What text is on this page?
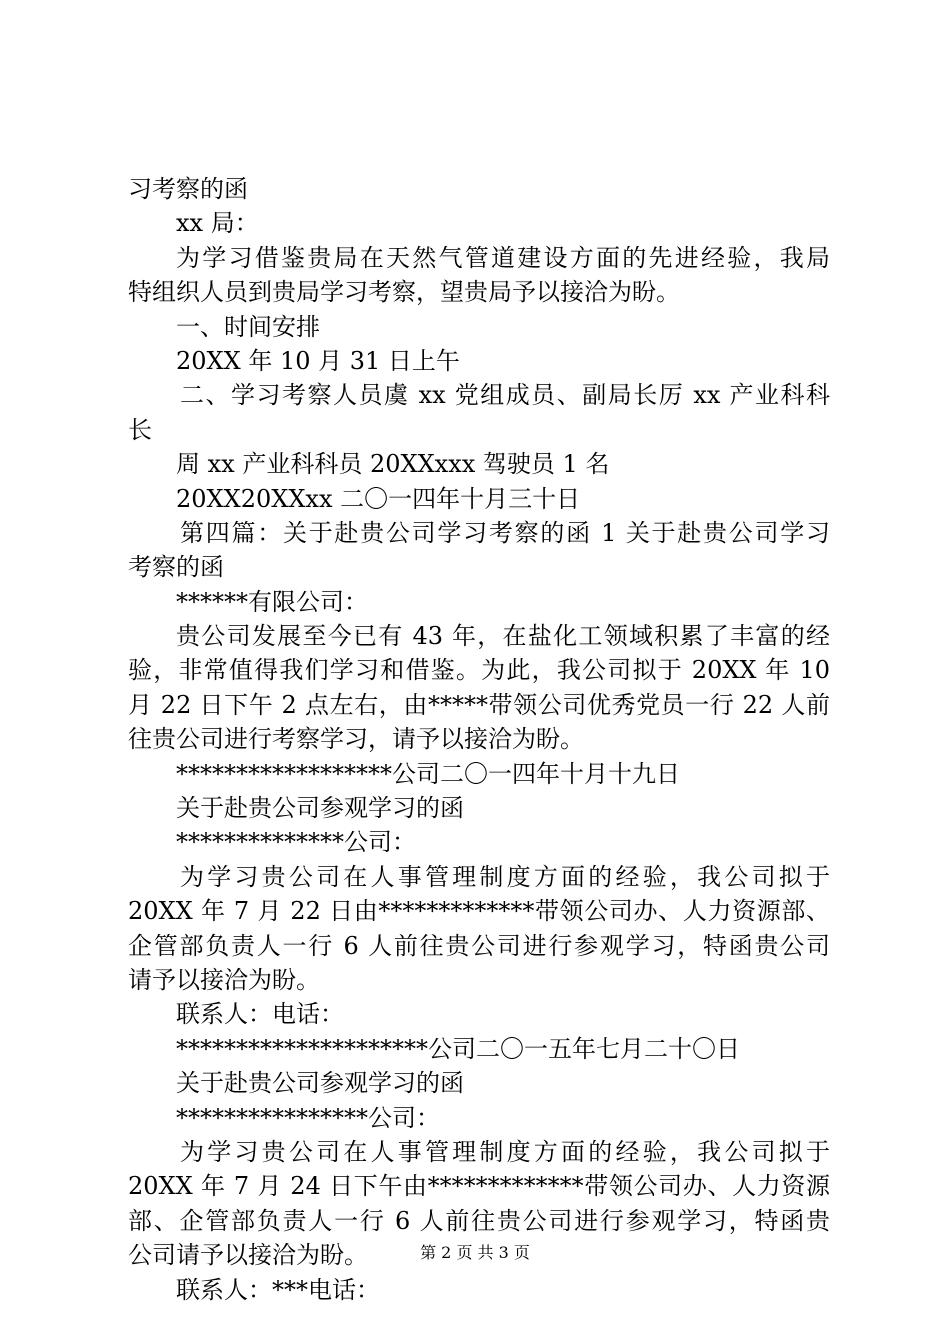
习考察的函
xx 局：
为学习借鉴贵局在天然气管道建设方面的先进经验，我局
特组织人员到贵局学习考察，望贵局予以接洽为盼。
一、时间安排
20XX 年 10 月 31 日上午
二、学习考察人员虞 xx 党组成员、副局长厉 xx 产业科科
长
周 xx 产业科科员 20XXxxx 驾驶员 1 名
20XX20XXxx 二〇一四年十月三十日
第四篇：关于赴贵公司学习考察的函 1 关于赴贵公司学习
考察的函
******有限公司：
贵公司发展至今已有 43 年，在盐化工领域积累了丰富的经
验，非常值得我们学习和借鉴。为此，我公司拟于 20XX 年 10
月 22 日下午 2 点左右，由*****带领公司优秀党员一行 22 人前
往贵公司进行考察学习，请予以接洽为盼。
******************公司二〇一四年十月十九日
关于赴贵公司参观学习的函
**************公司：
为学习贵公司在人事管理制度方面的经验，我公司拟于
20XX 年 7 月 22 日由*************带领公司办、人力资源部、
企管部负责人一行 6 人前往贵公司进行参观学习，特函贵公司
请予以接洽为盼。
联系人：电话：
*********************公司二〇一五年七月二十〇日
关于赴贵公司参观学习的函
****************公司：
为学习贵公司在人事管理制度方面的经验，我公司拟于
20XX 年 7 月 24 日下午由*************带领公司办、人力资源
部、企管部负责人一行 6 人前往贵公司进行参观学习，特函贵
公司请予以接洽为盼。
联系人：***电话：
第 2 页 共 3 页
